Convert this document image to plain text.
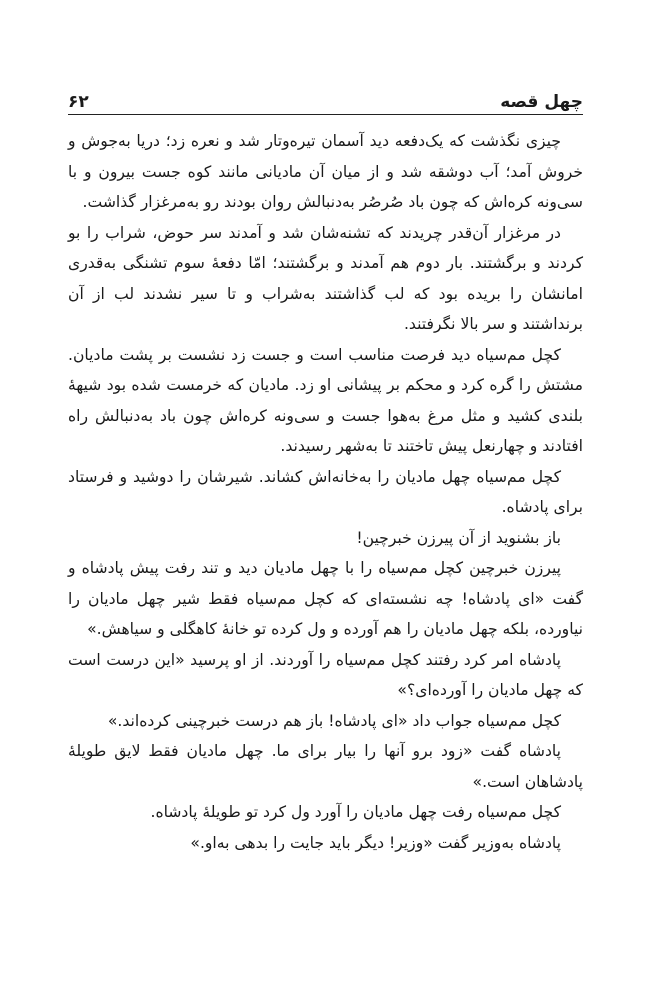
چهل قصه
۶۲

چیزی نگذشت که یک‌دفعه دید آسمان تیره‌وتار شد و نعره زد؛ دریا به‌جوش و خروش آمد؛ آب دوشقه شد و از میان آن مادیانی مانند کوه جست بیرون و با سی‌ونه کره‌اش که چون باد صُرصُر به‌دنبالش روان بودند رو به‌مرغزار گذاشت.

در مرغزار آن‌قدر چریدند که تشنه‌شان شد و آمدند سر حوض، شراب را بو کردند و برگشتند. بار دوم هم آمدند و برگشتند؛ امّا دفعهٔ سوم تشنگی به‌قدری امانشان را بریده بود که لب گذاشتند به‌شراب و تا سیر نشدند لب از آن برنداشتند و سر بالا نگرفتند.

کچل مم‌سیاه دید فرصت مناسب است و جست زد نشست بر پشت مادیان. مشتش را گره کرد و محکم بر پیشانی او زد. مادیان که خرمست شده بود شیههٔ بلندی کشید و مثل مرغ به‌هوا جست و سی‌ونه کره‌اش چون باد به‌دنبالش راه افتادند و چهارنعل پیش تاختند تا به‌شهر رسیدند.

کچل مم‌سیاه چهل مادیان را به‌خانه‌اش کشاند. شیرشان را دوشید و فرستاد برای پادشاه.

باز بشنوید از آن پیرزن خبرچین!

پیرزن خبرچین کچل مم‌سیاه را با چهل مادیان دید و تند رفت پیش پادشاه و گفت «ای پادشاه! چه نشسته‌ای که کچل مم‌سیاه فقط شیر چهل مادیان را نیاورده، بلکه چهل مادیان را هم آورده و ول کرده تو خانهٔ کاهگلی و سیاهش.»

پادشاه امر کرد رفتند کچل مم‌سیاه را آوردند. از او پرسید «این درست است که چهل مادیان را آورده‌ای؟»

کچل مم‌سیاه جواب داد «ای پادشاه! باز هم درست خبرچینی کرده‌اند.»

پادشاه گفت «زود برو آنها را بیار برای ما. چهل مادیان فقط لایق طویلهٔ پادشاهان است.»

کچل مم‌سیاه رفت چهل مادیان را آورد ول کرد تو طویلهٔ پادشاه.

پادشاه به‌وزیر گفت «وزیر! دیگر باید جایت را بدهی به‌او.»
